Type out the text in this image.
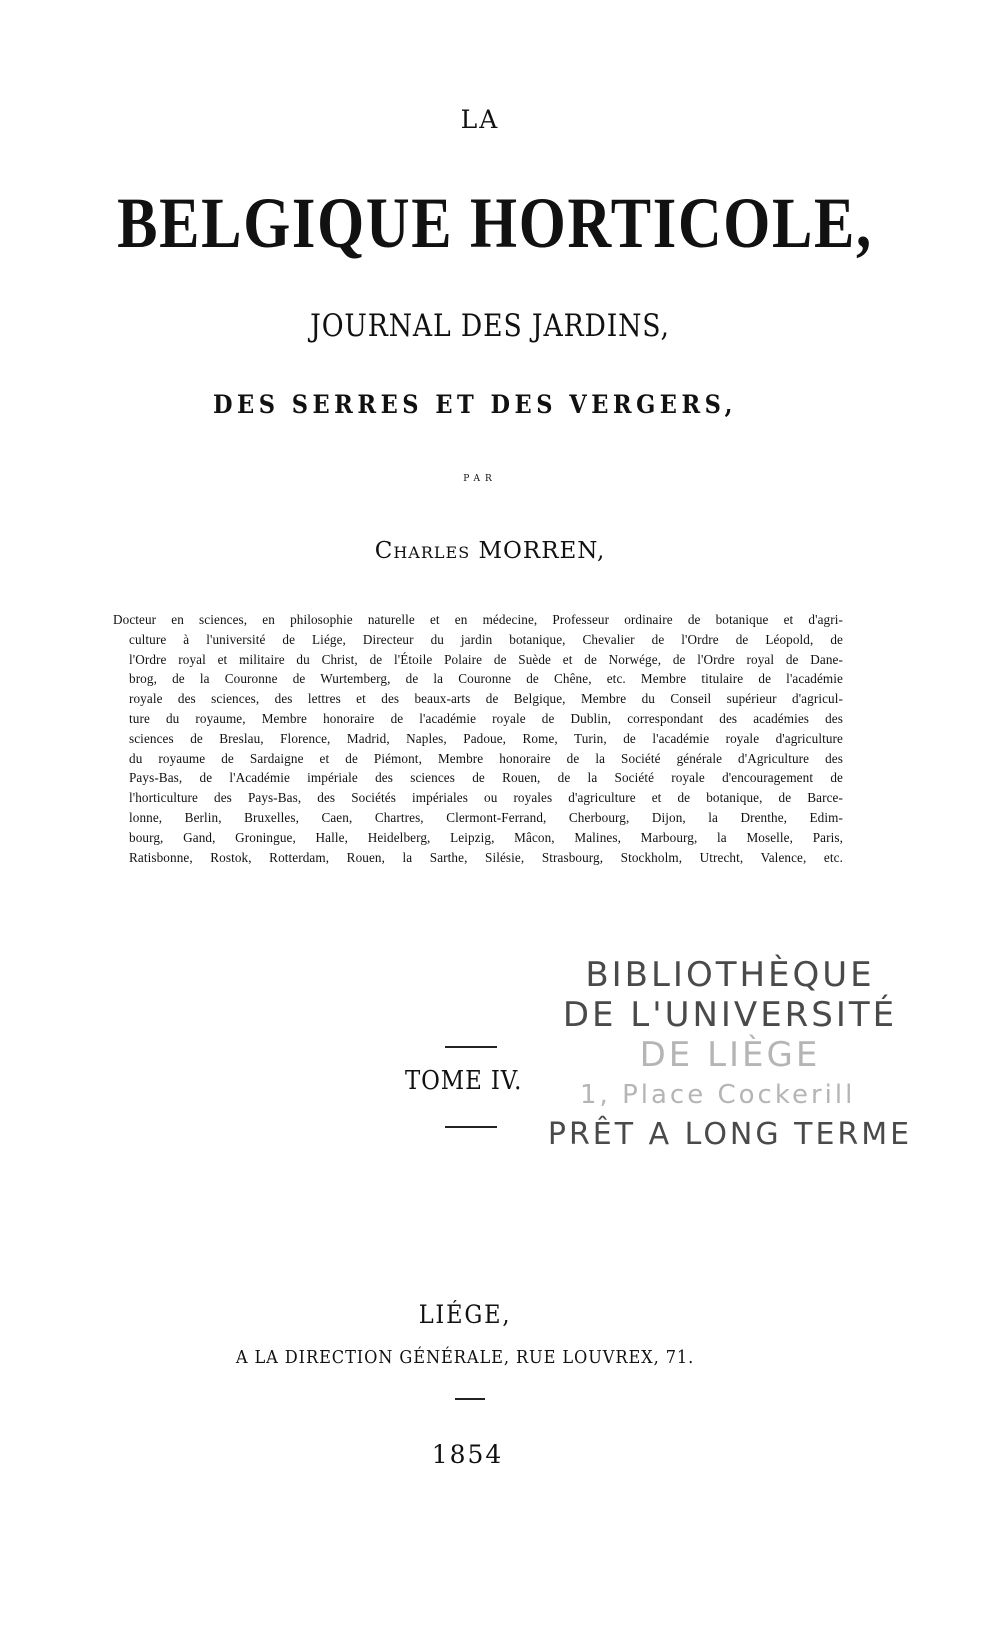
LA
BELGIQUE HORTICOLE,
JOURNAL DES JARDINS,
DES SERRES ET DES VERGERS,
PAR
Charles MORREN,
Docteur en sciences, en philosophie naturelle et en médecine, Professeur ordinaire de botanique et d'agri-
culture à l'université de Liége, Directeur du jardin botanique, Chevalier de l'Ordre de Léopold, de
l'Ordre royal et militaire du Christ, de l'Étoile Polaire de Suède et de Norwége, de l'Ordre royal de Dane-
brog, de la Couronne de Wurtemberg, de la Couronne de Chêne, etc. Membre titulaire de l'académie
royale des sciences, des lettres et des beaux-arts de Belgique, Membre du Conseil supérieur d'agricul-
ture du royaume, Membre honoraire de l'académie royale de Dublin, correspondant des académies des
sciences de Breslau, Florence, Madrid, Naples, Padoue, Rome, Turin, de l'académie royale d'agriculture
du royaume de Sardaigne et de Piémont, Membre honoraire de la Société générale d'Agriculture des
Pays-Bas, de l'Académie impériale des sciences de Rouen, de la Société royale d'encouragement de
l'horticulture des Pays-Bas, des Sociétés impériales ou royales d'agriculture et de botanique, de Barce-
lonne, Berlin, Bruxelles, Caen, Chartres, Clermont-Ferrand, Cherbourg, Dijon, la Drenthe, Edim-
bourg, Gand, Groningue, Halle, Heidelberg, Leipzig, Mâcon, Malines, Marbourg, la Moselle, Paris,
Ratisbonne, Rostok, Rotterdam, Rouen, la Sarthe, Silésie, Strasbourg, Stockholm, Utrecht, Valence, etc.
TOME IV.
BIBLIOTHÈQUE
DE L'UNIVERSITÉ
DE LIÈGE
1, Place Cockerill
PRÊT A LONG TERME
LIÉGE,
A LA DIRECTION GÉNÉRALE, RUE LOUVREX, 71.
1854
